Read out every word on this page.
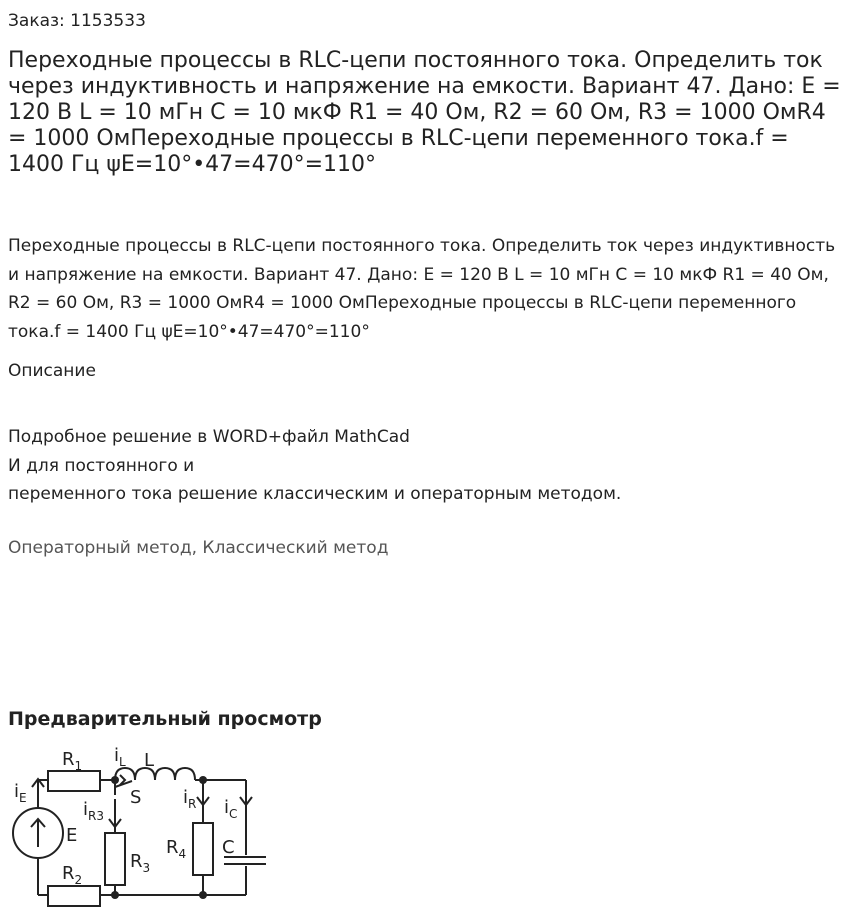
Заказ: 1153533
Переходные процессы в RLC-цепи постоянного тока. Определить ток через индуктивность и напряжение на емкости. Вариант 47. Дано: E = 120 В L = 10 мГн C = 10 мкФ R1 = 40 Ом, R2 = 60 Ом, R3 = 1000 ОмR4 = 1000 ОмПереходные процессы в RLC-цепи переменного тока.f = 1400 Гц ψE=10°•47=470°=110°
Переходные процессы в RLC-цепи постоянного тока. Определить ток через индуктивность и напряжение на емкости. Вариант 47. Дано: E = 120 В L = 10 мГн C = 10 мкФ R1 = 40 Ом, R2 = 60 Ом, R3 = 1000 ОмR4 = 1000 ОмПереходные процессы в RLC-цепи переменного тока.f = 1400 Гц ψE=10°•47=470°=110°
Описание
Подробное решение в WORD+файл MathCad
И для постоянного и
переменного тока решение классическим и операторным методом.
Операторный метод, Классический метод
Предварительный просмотр
$R_1$ $i_L$ L
$i_E$	S
$i_{R3}$
$i_R$ $i_C$
E
$R_4$ C
$R_3$
$R_2$
